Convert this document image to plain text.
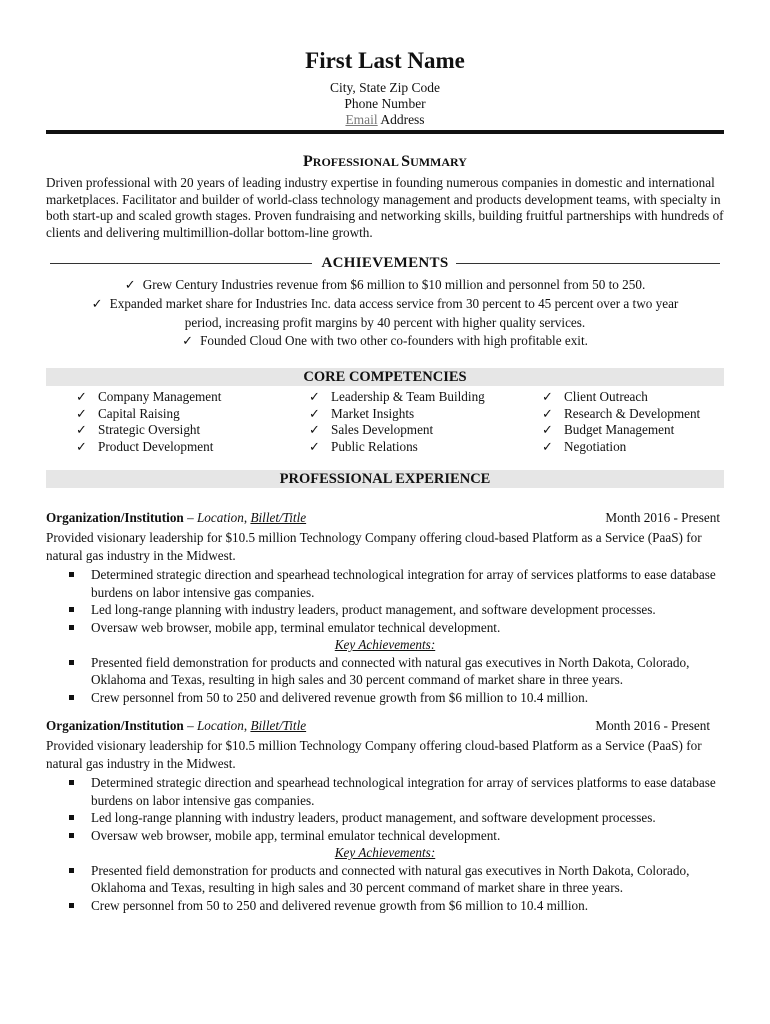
First Last Name
City, State Zip Code
Phone Number
Email Address
PROFESSIONAL SUMMARY
Driven professional with 20 years of leading industry expertise in founding numerous companies in domestic and international marketplaces. Facilitator and builder of world-class technology management and products development teams, with specialty in both start-up and scaled growth stages. Proven fundraising and networking skills, building fruitful partnerships with hundreds of clients and delivering multimillion-dollar bottom-line growth.
ACHIEVEMENTS
✓ Grew Century Industries revenue from $6 million to $10 million and personnel from 50 to 250.
✓ Expanded market share for Industries Inc. data access service from 30 percent to 45 percent over a two year
period, increasing profit margins by 40 percent with higher quality services.
✓ Founded Cloud One with two other co-founders with high profitable exit.
CORE COMPETENCIES
✓ Company Management
✓ Capital Raising
✓ Strategic Oversight
✓ Product Development
✓ Leadership & Team Building
✓ Market Insights
✓ Sales Development
✓ Public Relations
✓ Client Outreach
✓ Research & Development
✓ Budget Management
✓ Negotiation
PROFESSIONAL EXPERIENCE
Organization/Institution – Location, Billet/Title	Month 2016 - Present
Provided visionary leadership for $10.5 million Technology Company offering cloud-based Platform as a Service (PaaS) for natural gas industry in the Midwest.
Determined strategic direction and spearhead technological integration for array of services platforms to ease database burdens on labor intensive gas companies.
Led long-range planning with industry leaders, product management, and software development processes.
Oversaw web browser, mobile app, terminal emulator technical development.
Key Achievements:
Presented field demonstration for products and connected with natural gas executives in North Dakota, Colorado, Oklahoma and Texas, resulting in high sales and 30 percent command of market share in three years.
Crew personnel from 50 to 250 and delivered revenue growth from $6 million to 10.4 million.
Organization/Institution – Location, Billet/Title	Month 2016 - Present
Provided visionary leadership for $10.5 million Technology Company offering cloud-based Platform as a Service (PaaS) for natural gas industry in the Midwest.
Determined strategic direction and spearhead technological integration for array of services platforms to ease database burdens on labor intensive gas companies.
Led long-range planning with industry leaders, product management, and software development processes.
Oversaw web browser, mobile app, terminal emulator technical development.
Key Achievements:
Presented field demonstration for products and connected with natural gas executives in North Dakota, Colorado, Oklahoma and Texas, resulting in high sales and 30 percent command of market share in three years.
Crew personnel from 50 to 250 and delivered revenue growth from $6 million to 10.4 million.
